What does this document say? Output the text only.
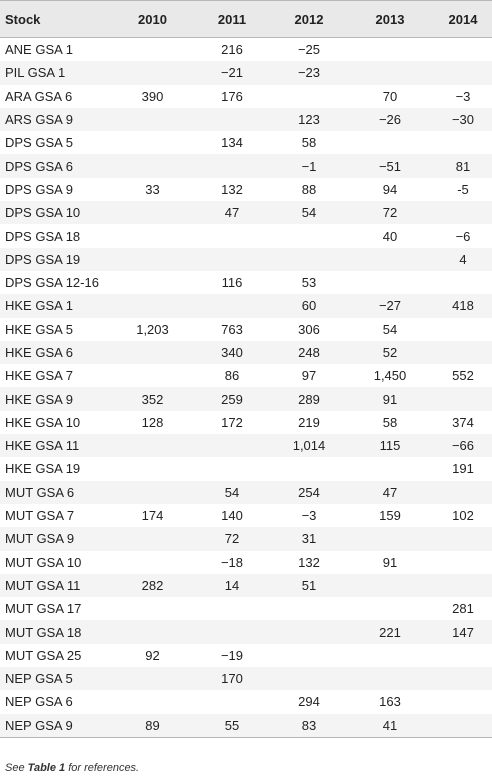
Stock	2010	2011	2012	2013	2014
ANE GSA 1		216	−25		
PIL GSA 1		−21	−23		
ARA GSA 6	390	176		70	−3
ARS GSA 9			123	−26	−30
DPS GSA 5		134	58		
DPS GSA 6			−1	−51	81
DPS GSA 9	33	132	88	94	-5
DPS GSA 10		47	54	72	
DPS GSA 18				40	−6
DPS GSA 19					4
DPS GSA 12-16		116	53		
HKE GSA 1			60	−27	418
HKE GSA 5	1,203	763	306	54	
HKE GSA 6		340	248	52	
HKE GSA 7		86	97	1,450	552
HKE GSA 9	352	259	289	91	
HKE GSA 10	128	172	219	58	374
HKE GSA 11			1,014	115	−66
HKE GSA 19					191
MUT GSA 6		54	254	47	
MUT GSA 7	174	140	−3	159	102
MUT GSA 9		72	31		
MUT GSA 10		−18	132	91	
MUT GSA 11	282	14	51		
MUT GSA 17					281
MUT GSA 18				221	147
MUT GSA 25	92	−19			
NEP GSA 5		170			
NEP GSA 6			294	163	
NEP GSA 9	89	55	83	41	
See Table 1 for references.
